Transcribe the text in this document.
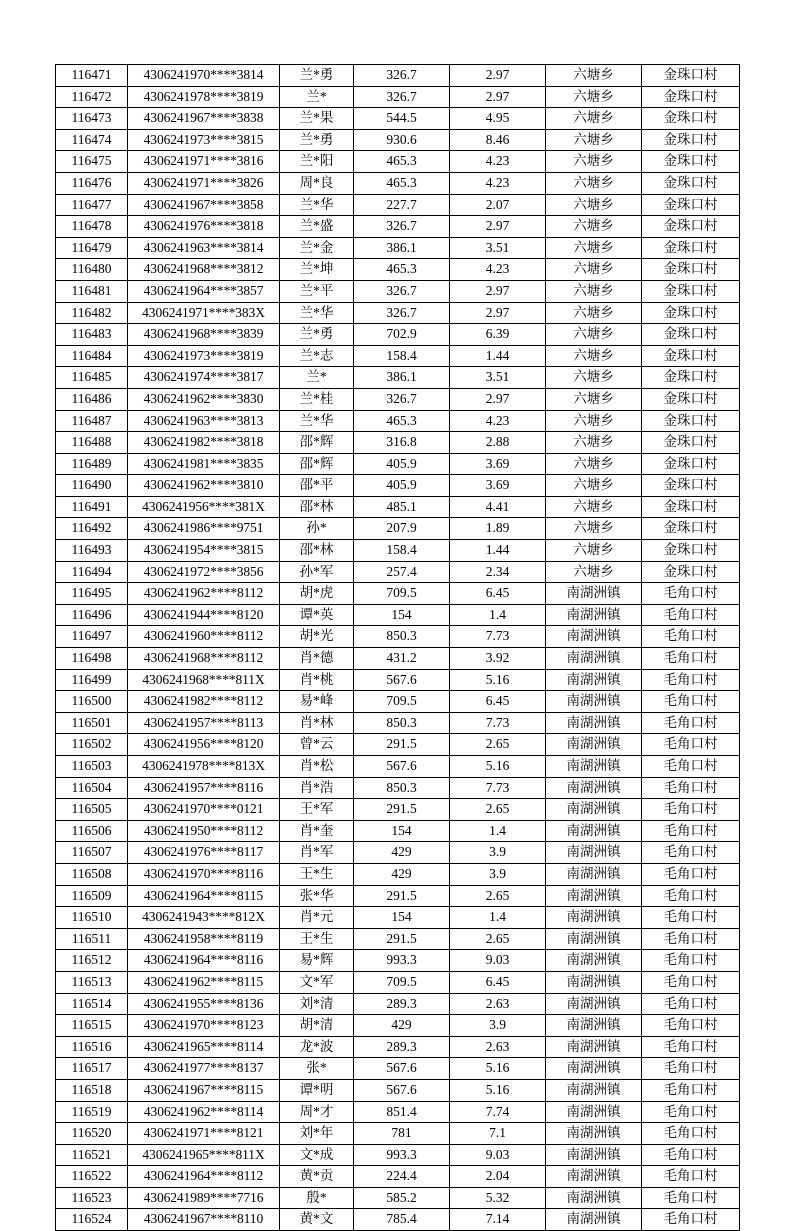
116471	4306241970****3814	兰*勇	326.7	2.97	六塘乡	金珠口村
116472	4306241978****3819	兰*	326.7	2.97	六塘乡	金珠口村
116473	4306241967****3838	兰*果	544.5	4.95	六塘乡	金珠口村
116474	4306241973****3815	兰*勇	930.6	8.46	六塘乡	金珠口村
116475	4306241971****3816	兰*阳	465.3	4.23	六塘乡	金珠口村
116476	4306241971****3826	周*良	465.3	4.23	六塘乡	金珠口村
116477	4306241967****3858	兰*华	227.7	2.07	六塘乡	金珠口村
116478	4306241976****3818	兰*盛	326.7	2.97	六塘乡	金珠口村
116479	4306241963****3814	兰*金	386.1	3.51	六塘乡	金珠口村
116480	4306241968****3812	兰*坤	465.3	4.23	六塘乡	金珠口村
116481	4306241964****3857	兰*平	326.7	2.97	六塘乡	金珠口村
116482	4306241971****383X	兰*华	326.7	2.97	六塘乡	金珠口村
116483	4306241968****3839	兰*勇	702.9	6.39	六塘乡	金珠口村
116484	4306241973****3819	兰*志	158.4	1.44	六塘乡	金珠口村
116485	4306241974****3817	兰*	386.1	3.51	六塘乡	金珠口村
116486	4306241962****3830	兰*桂	326.7	2.97	六塘乡	金珠口村
116487	4306241963****3813	兰*华	465.3	4.23	六塘乡	金珠口村
116488	4306241982****3818	邵*辉	316.8	2.88	六塘乡	金珠口村
116489	4306241981****3835	邵*辉	405.9	3.69	六塘乡	金珠口村
116490	4306241962****3810	邵*平	405.9	3.69	六塘乡	金珠口村
116491	4306241956****381X	邵*林	485.1	4.41	六塘乡	金珠口村
116492	4306241986****9751	孙*	207.9	1.89	六塘乡	金珠口村
116493	4306241954****3815	邵*林	158.4	1.44	六塘乡	金珠口村
116494	4306241972****3856	孙*军	257.4	2.34	六塘乡	金珠口村
116495	4306241962****8112	胡*虎	709.5	6.45	南湖洲镇	毛角口村
116496	4306241944****8120	谭*英	154	1.4	南湖洲镇	毛角口村
116497	4306241960****8112	胡*光	850.3	7.73	南湖洲镇	毛角口村
116498	4306241968****8112	肖*德	431.2	3.92	南湖洲镇	毛角口村
116499	4306241968****811X	肖*桃	567.6	5.16	南湖洲镇	毛角口村
116500	4306241982****8112	易*峰	709.5	6.45	南湖洲镇	毛角口村
116501	4306241957****8113	肖*林	850.3	7.73	南湖洲镇	毛角口村
116502	4306241956****8120	曾*云	291.5	2.65	南湖洲镇	毛角口村
116503	4306241978****813X	肖*松	567.6	5.16	南湖洲镇	毛角口村
116504	4306241957****8116	肖*浩	850.3	7.73	南湖洲镇	毛角口村
116505	4306241970****0121	王*军	291.5	2.65	南湖洲镇	毛角口村
116506	4306241950****8112	肖*奎	154	1.4	南湖洲镇	毛角口村
116507	4306241976****8117	肖*军	429	3.9	南湖洲镇	毛角口村
116508	4306241970****8116	王*生	429	3.9	南湖洲镇	毛角口村
116509	4306241964****8115	张*华	291.5	2.65	南湖洲镇	毛角口村
116510	4306241943****812X	肖*元	154	1.4	南湖洲镇	毛角口村
116511	4306241958****8119	王*生	291.5	2.65	南湖洲镇	毛角口村
116512	4306241964****8116	易*辉	993.3	9.03	南湖洲镇	毛角口村
116513	4306241962****8115	文*军	709.5	6.45	南湖洲镇	毛角口村
116514	4306241955****8136	刘*清	289.3	2.63	南湖洲镇	毛角口村
116515	4306241970****8123	胡*清	429	3.9	南湖洲镇	毛角口村
116516	4306241965****8114	龙*波	289.3	2.63	南湖洲镇	毛角口村
116517	4306241977****8137	张*	567.6	5.16	南湖洲镇	毛角口村
116518	4306241967****8115	谭*明	567.6	5.16	南湖洲镇	毛角口村
116519	4306241962****8114	周*才	851.4	7.74	南湖洲镇	毛角口村
116520	4306241971****8121	刘*年	781	7.1	南湖洲镇	毛角口村
116521	4306241965****811X	文*成	993.3	9.03	南湖洲镇	毛角口村
116522	4306241964****8112	黄*贡	224.4	2.04	南湖洲镇	毛角口村
116523	4306241989****7716	殷*	585.2	5.32	南湖洲镇	毛角口村
116524	4306241967****8110	黄*文	785.4	7.14	南湖洲镇	毛角口村
